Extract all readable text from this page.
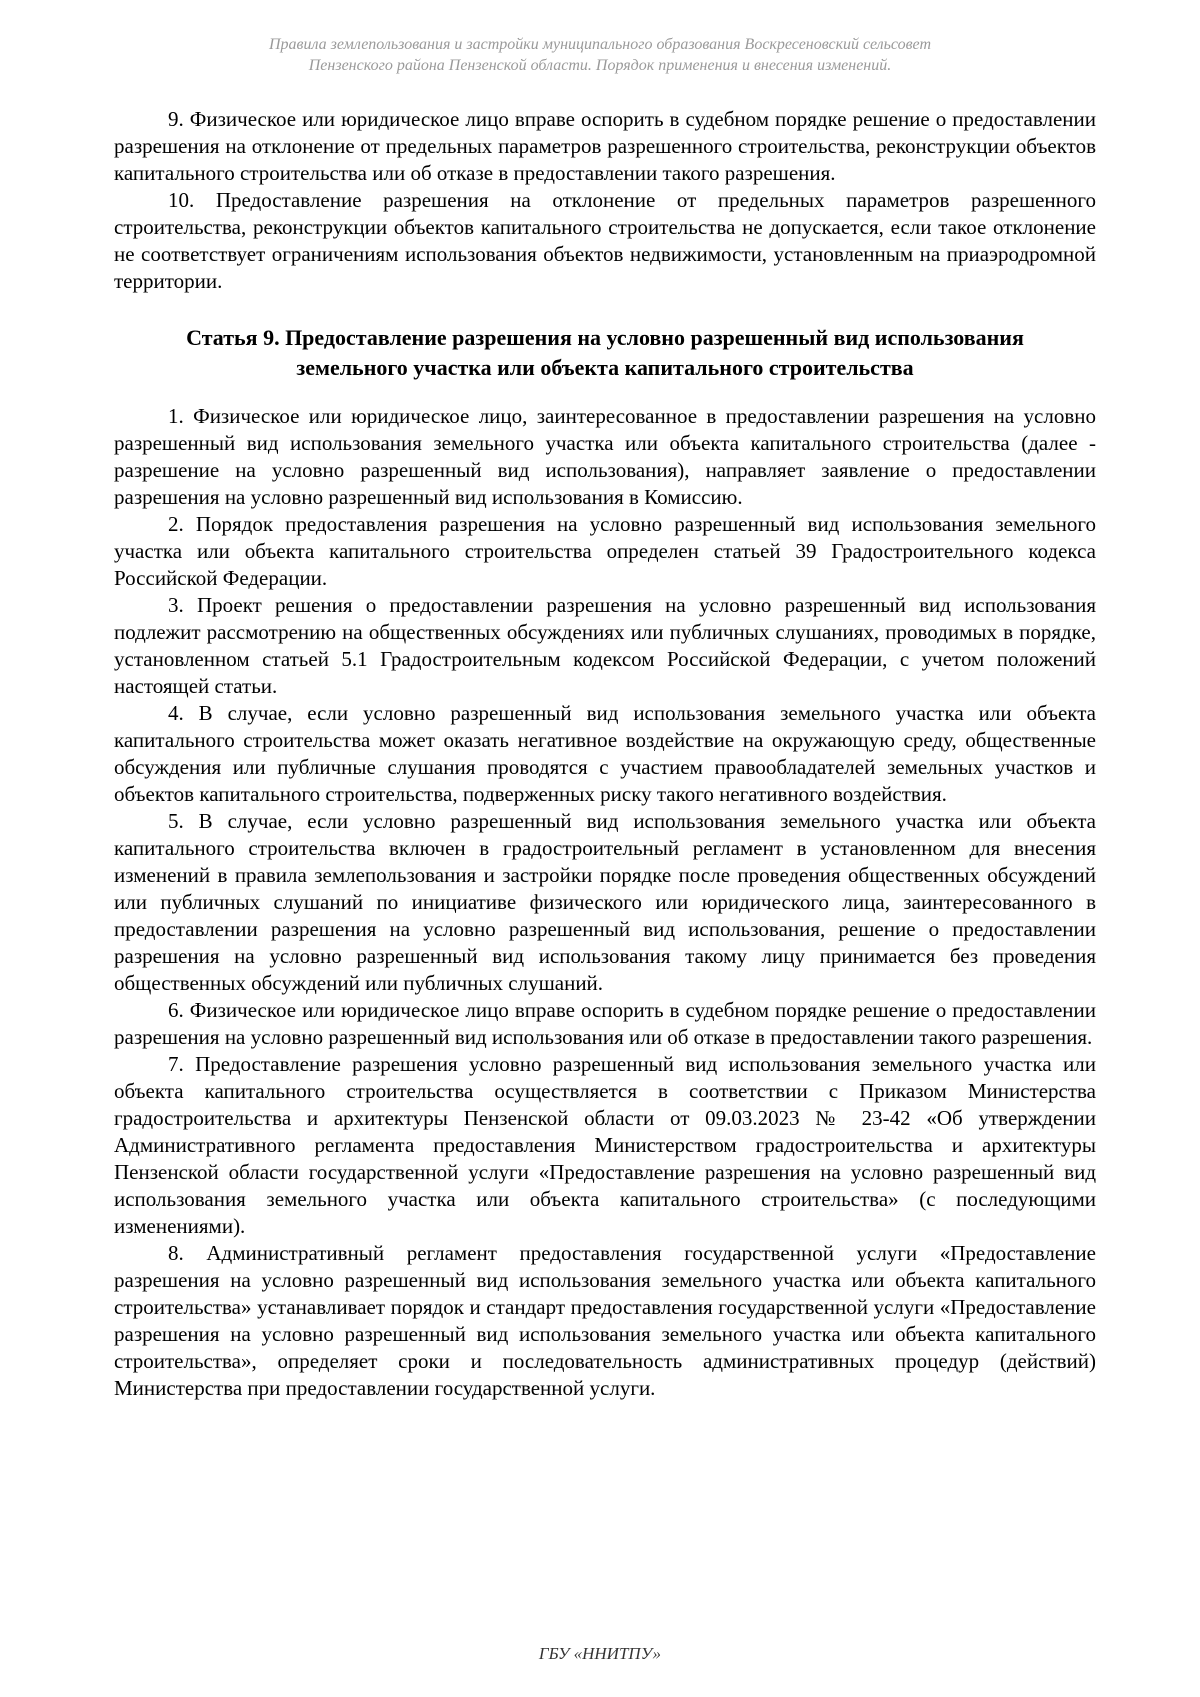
Правила землепользования и застройки муниципального образования Воскресеновский сельсовет
Пензенского района Пензенской области. Порядок применения и внесения изменений.

9. Физическое или юридическое лицо вправе оспорить в судебном порядке решение о предоставлении разрешения на отклонение от предельных параметров разрешенного строительства, реконструкции объектов капитального строительства или об отказе в предоставлении такого разрешения.

10. Предоставление разрешения на отклонение от предельных параметров разрешенного строительства, реконструкции объектов капитального строительства не допускается, если такое отклонение не соответствует ограничениям использования объектов недвижимости, установленным на приаэродромной территории.

Статья 9. Предоставление разрешения на условно разрешенный вид использования
земельного участка или объекта капитального строительства

1. Физическое или юридическое лицо, заинтересованное в предоставлении разрешения на условно разрешенный вид использования земельного участка или объекта капитального строительства (далее - разрешение на условно разрешенный вид использования), направляет заявление о предоставлении разрешения на условно разрешенный вид использования в Комиссию.

2. Порядок предоставления разрешения на условно разрешенный вид использования земельного участка или объекта капитального строительства определен статьей 39 Градостроительного кодекса Российской Федерации.

3. Проект решения о предоставлении разрешения на условно разрешенный вид использования подлежит рассмотрению на общественных обсуждениях или публичных слушаниях, проводимых в порядке, установленном статьей 5.1 Градостроительным кодексом Российской Федерации, с учетом положений настоящей статьи.

4. В случае, если условно разрешенный вид использования земельного участка или объекта капитального строительства может оказать негативное воздействие на окружающую среду, общественные обсуждения или публичные слушания проводятся с участием правообладателей земельных участков и объектов капитального строительства, подверженных риску такого негативного воздействия.

5. В случае, если условно разрешенный вид использования земельного участка или объекта капитального строительства включен в градостроительный регламент в установленном для внесения изменений в правила землепользования и застройки порядке после проведения общественных обсуждений или публичных слушаний по инициативе физического или юридического лица, заинтересованного в предоставлении разрешения на условно разрешенный вид использования, решение о предоставлении разрешения на условно разрешенный вид использования такому лицу принимается без проведения общественных обсуждений или публичных слушаний.

6. Физическое или юридическое лицо вправе оспорить в судебном порядке решение о предоставлении разрешения на условно разрешенный вид использования или об отказе в предоставлении такого разрешения.

7. Предоставление разрешения условно разрешенный вид использования земельного участка или объекта капитального строительства осуществляется в соответствии с Приказом Министерства градостроительства и архитектуры Пензенской области от 09.03.2023 № 23-42 «Об утверждении Административного регламента предоставления Министерством градостроительства и архитектуры Пензенской области государственной услуги «Предоставление разрешения на условно разрешенный вид использования земельного участка или объекта капитального строительства» (с последующими изменениями).

8. Административный регламент предоставления государственной услуги «Предоставление разрешения на условно разрешенный вид использования земельного участка или объекта капитального строительства» устанавливает порядок и стандарт предоставления государственной услуги «Предоставление разрешения на условно разрешенный вид использования земельного участка или объекта капитального строительства», определяет сроки и последовательность административных процедур (действий) Министерства при предоставлении государственной услуги.

ГБУ «ННИТПУ»
